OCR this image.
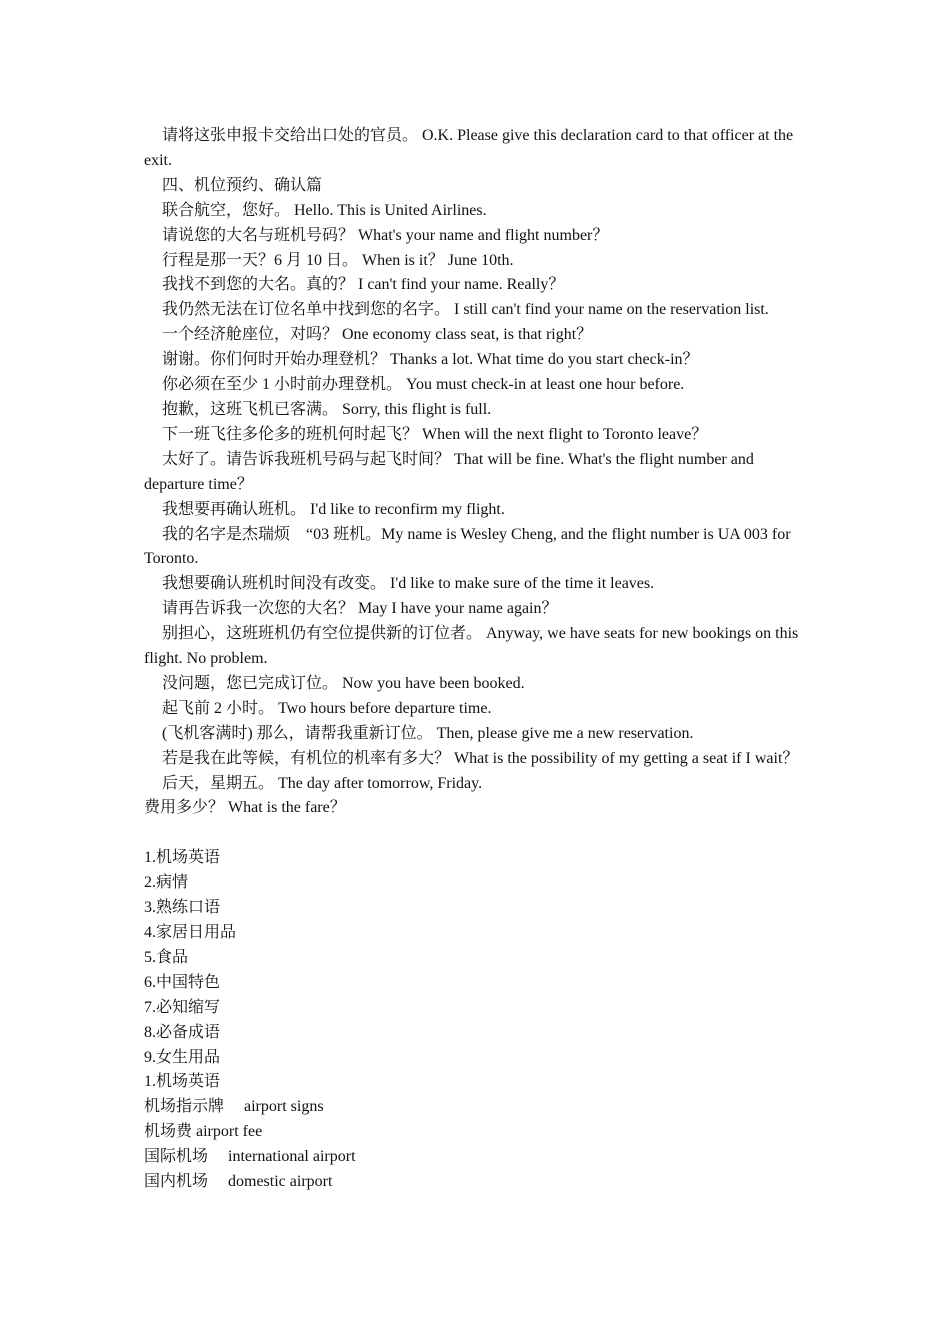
请将这张申报卡交给出口处的官员。 O.K. Please give this declaration card to that officer at the exit.

四、机位预约、确认篇

联合航空，您好。 Hello. This is United Airlines.

请说您的大名与班机号码？ What's your name and flight number？

行程是那一天？6 月 10 日。 When is it？ June 10th.

我找不到您的大名。真的？ I can't find your name. Really？

我仍然无法在订位名单中找到您的名字。 I still can't find your name on the reservation list.

一个经济舱座位，对吗？ One economy class seat, is that right？

谢谢。你们何时开始办理登机？ Thanks a lot. What time do you start check-in？

你必须在至少 1 小时前办理登机。 You must check-in at least one hour before.

抱歉，这班飞机已客满。 Sorry, this flight is full.

下一班飞往多伦多的班机何时起飞？ When will the next flight to Toronto leave？

太好了。请告诉我班机号码与起飞时间？ That will be fine. What's the flight number and departure time？

我想要再确认班机。 I'd like to reconfirm my flight.

我的名字是杰瑞烦　“03 班机。My name is Wesley Cheng, and the flight number is UA 003 for Toronto.

我想要确认班机时间没有改变。 I'd like to make sure of the time it leaves.

请再告诉我一次您的大名？ May I have your name again？

别担心，这班班机仍有空位提供新的订位者。 Anyway, we have seats for new bookings on this flight. No problem.

没问题，您已完成订位。 Now you have been booked.

起飞前 2 小时。 Two hours before departure time.

(飞机客满时) 那么，请帮我重新订位。 Then, please give me a new reservation.

若是我在此等候，有机位的机率有多大？ What is the possibility of my getting a seat if I wait？

后天，星期五。 The day after tomorrow, Friday.

费用多少？ What is the fare？

1.机场英语

2.病情

3.熟练口语

4.家居日用品

5.食品

6.中国特色

7.必知缩写

8.必备成语

9.女生用品

1.机场英语

机场指示牌　 airport signs

机场费 airport fee

国际机场　 international airport

国内机场　 domestic airport
